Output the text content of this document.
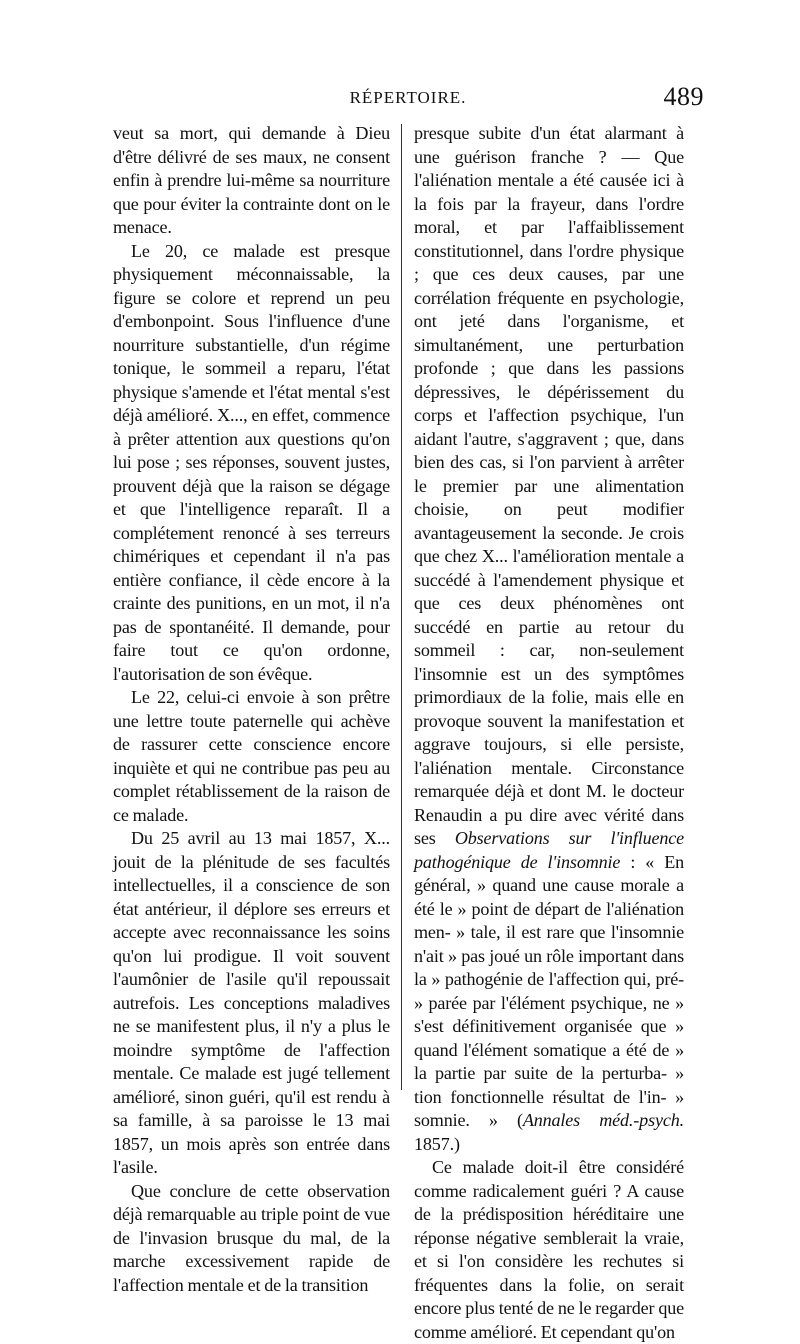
RÉPERTOIRE.	489

veut sa mort, qui demande à Dieu d'être délivré de ses maux, ne consent enfin à prendre lui-même sa nourriture que pour éviter la contrainte dont on le menace.

Le 20, ce malade est presque physiquement méconnaissable, la figure se colore et reprend un peu d'embonpoint. Sous l'influence d'une nourriture substantielle, d'un régime tonique, le sommeil a reparu, l'état physique s'amende et l'état mental s'est déjà amélioré. X..., en effet, commence à prêter attention aux questions qu'on lui pose ; ses réponses, souvent justes, prouvent déjà que la raison se dégage et que l'intelligence reparaît. Il a complétement renoncé à ses terreurs chimériques et cependant il n'a pas entière confiance, il cède encore à la crainte des punitions, en un mot, il n'a pas de spontanéité. Il demande, pour faire tout ce qu'on ordonne, l'autorisation de son évêque.

Le 22, celui-ci envoie à son prêtre une lettre toute paternelle qui achève de rassurer cette conscience encore inquiète et qui ne contribue pas peu au complet rétablissement de la raison de ce malade.

Du 25 avril au 13 mai 1857, X... jouit de la plénitude de ses facultés intellectuelles, il a conscience de son état antérieur, il déplore ses erreurs et accepte avec reconnaissance les soins qu'on lui prodigue. Il voit souvent l'aumônier de l'asile qu'il repoussait autrefois. Les conceptions maladives ne se manifestent plus, il n'y a plus le moindre symptôme de l'affection mentale. Ce malade est jugé tellement amélioré, sinon guéri, qu'il est rendu à sa famille, à sa paroisse le 13 mai 1857, un mois après son entrée dans l'asile.

Que conclure de cette observation déjà remarquable au triple point de vue de l'invasion brusque du mal, de la marche excessivement rapide de l'affection mentale et de la transition

presque subite d'un état alarmant à une guérison franche ? — Que l'aliénation mentale a été causée ici à la fois par la frayeur, dans l'ordre moral, et par l'affaiblissement constitutionnel, dans l'ordre physique ; que ces deux causes, par une corrélation fréquente en psychologie, ont jeté dans l'organisme, et simultanément, une perturbation profonde ; que dans les passions dépressives, le dépérissement du corps et l'affection psychique, l'un aidant l'autre, s'aggravent ; que, dans bien des cas, si l'on parvient à arrêter le premier par une alimentation choisie, on peut modifier avantageusement la seconde. Je crois que chez X... l'amélioration mentale a succédé à l'amendement physique et que ces deux phénomènes ont succédé en partie au retour du sommeil : car, non-seulement l'insomnie est un des symptômes primordiaux de la folie, mais elle en provoque souvent la manifestation et aggrave toujours, si elle persiste, l'aliénation mentale. Circonstance remarquée déjà et dont M. le docteur Renaudin a pu dire avec vérité dans ses Observations sur l'influence pathogénique de l'insomnie : « En général, » quand une cause morale a été le » point de départ de l'aliénation men- » tale, il est rare que l'insomnie n'ait » pas joué un rôle important dans la » pathogénie de l'affection qui, pré- » parée par l'élément psychique, ne » s'est définitivement organisée que » quand l'élément somatique a été de » la partie par suite de la perturba- » tion fonctionnelle résultat de l'in- » somnie. » (Annales méd.-psych. 1857.)

Ce malade doit-il être considéré comme radicalement guéri ? A cause de la prédisposition héréditaire une réponse négative semblerait la vraie, et si l'on considère les rechutes si fréquentes dans la folie, on serait encore plus tenté de ne le regarder que comme amélioré. Et cependant qu'on
